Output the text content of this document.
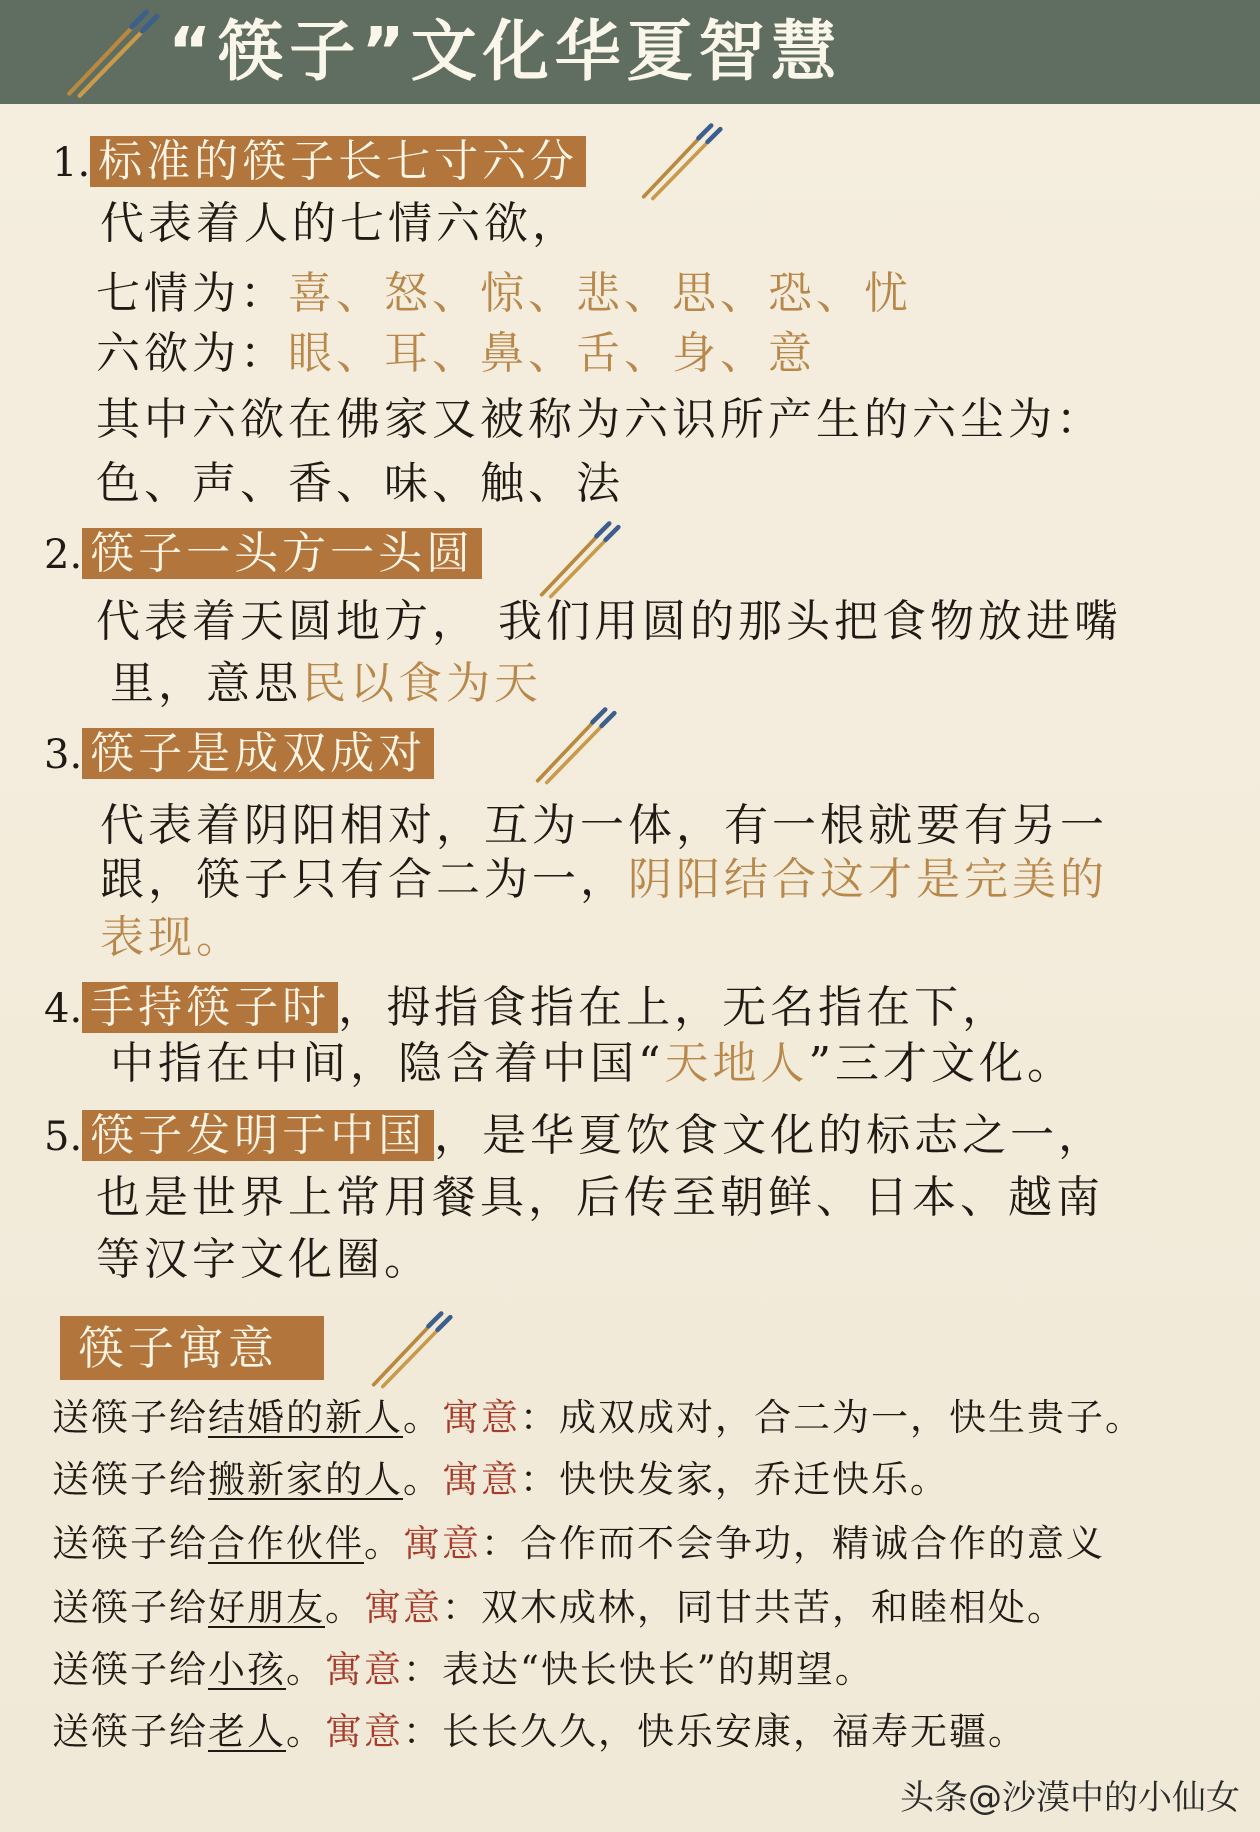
“筷子”文化华夏智慧
1. 标准的筷子长七寸六分
代表着人的七情六欲，
七情为：喜、怒、惊、悲、思、恐、忧
六欲为：眼、耳、鼻、舌、身、意
其中六欲在佛家又被称为六识所产生的六尘为：
色、声、香、味、触、法
2. 筷子一头方一头圆
代表着天圆地方， 我们用圆的那头把食物放进嘴
里，意思民以食为天
3. 筷子是成双成对
代表着阴阳相对，互为一体，有一根就要有另一
跟，筷子只有合二为一，阴阳结合这才是完美的
表现。
4. 手持筷子时 ，拇指食指在上，无名指在下，
中指在中间，隐含着中国“天地人”三才文化。
5. 筷子发明于中国 ，是华夏饮食文化的标志之一，
也是世界上常用餐具，后传至朝鲜、日本、越南
等汉字文化圈。
筷子寓意
送筷子给结婚的新人。寓意：成双成对，合二为一，快生贵子。
送筷子给搬新家的人。寓意：快快发家，乔迁快乐。
送筷子给合作伙伴。寓意：合作而不会争功，精诚合作的意义
送筷子给好朋友。寓意：双木成林，同甘共苦，和睦相处。
送筷子给小孩。寓意：表达“快长快长”的期望。
送筷子给老人。寓意：长长久久，快乐安康，福寿无疆。
头条@沙漠中的小仙女
